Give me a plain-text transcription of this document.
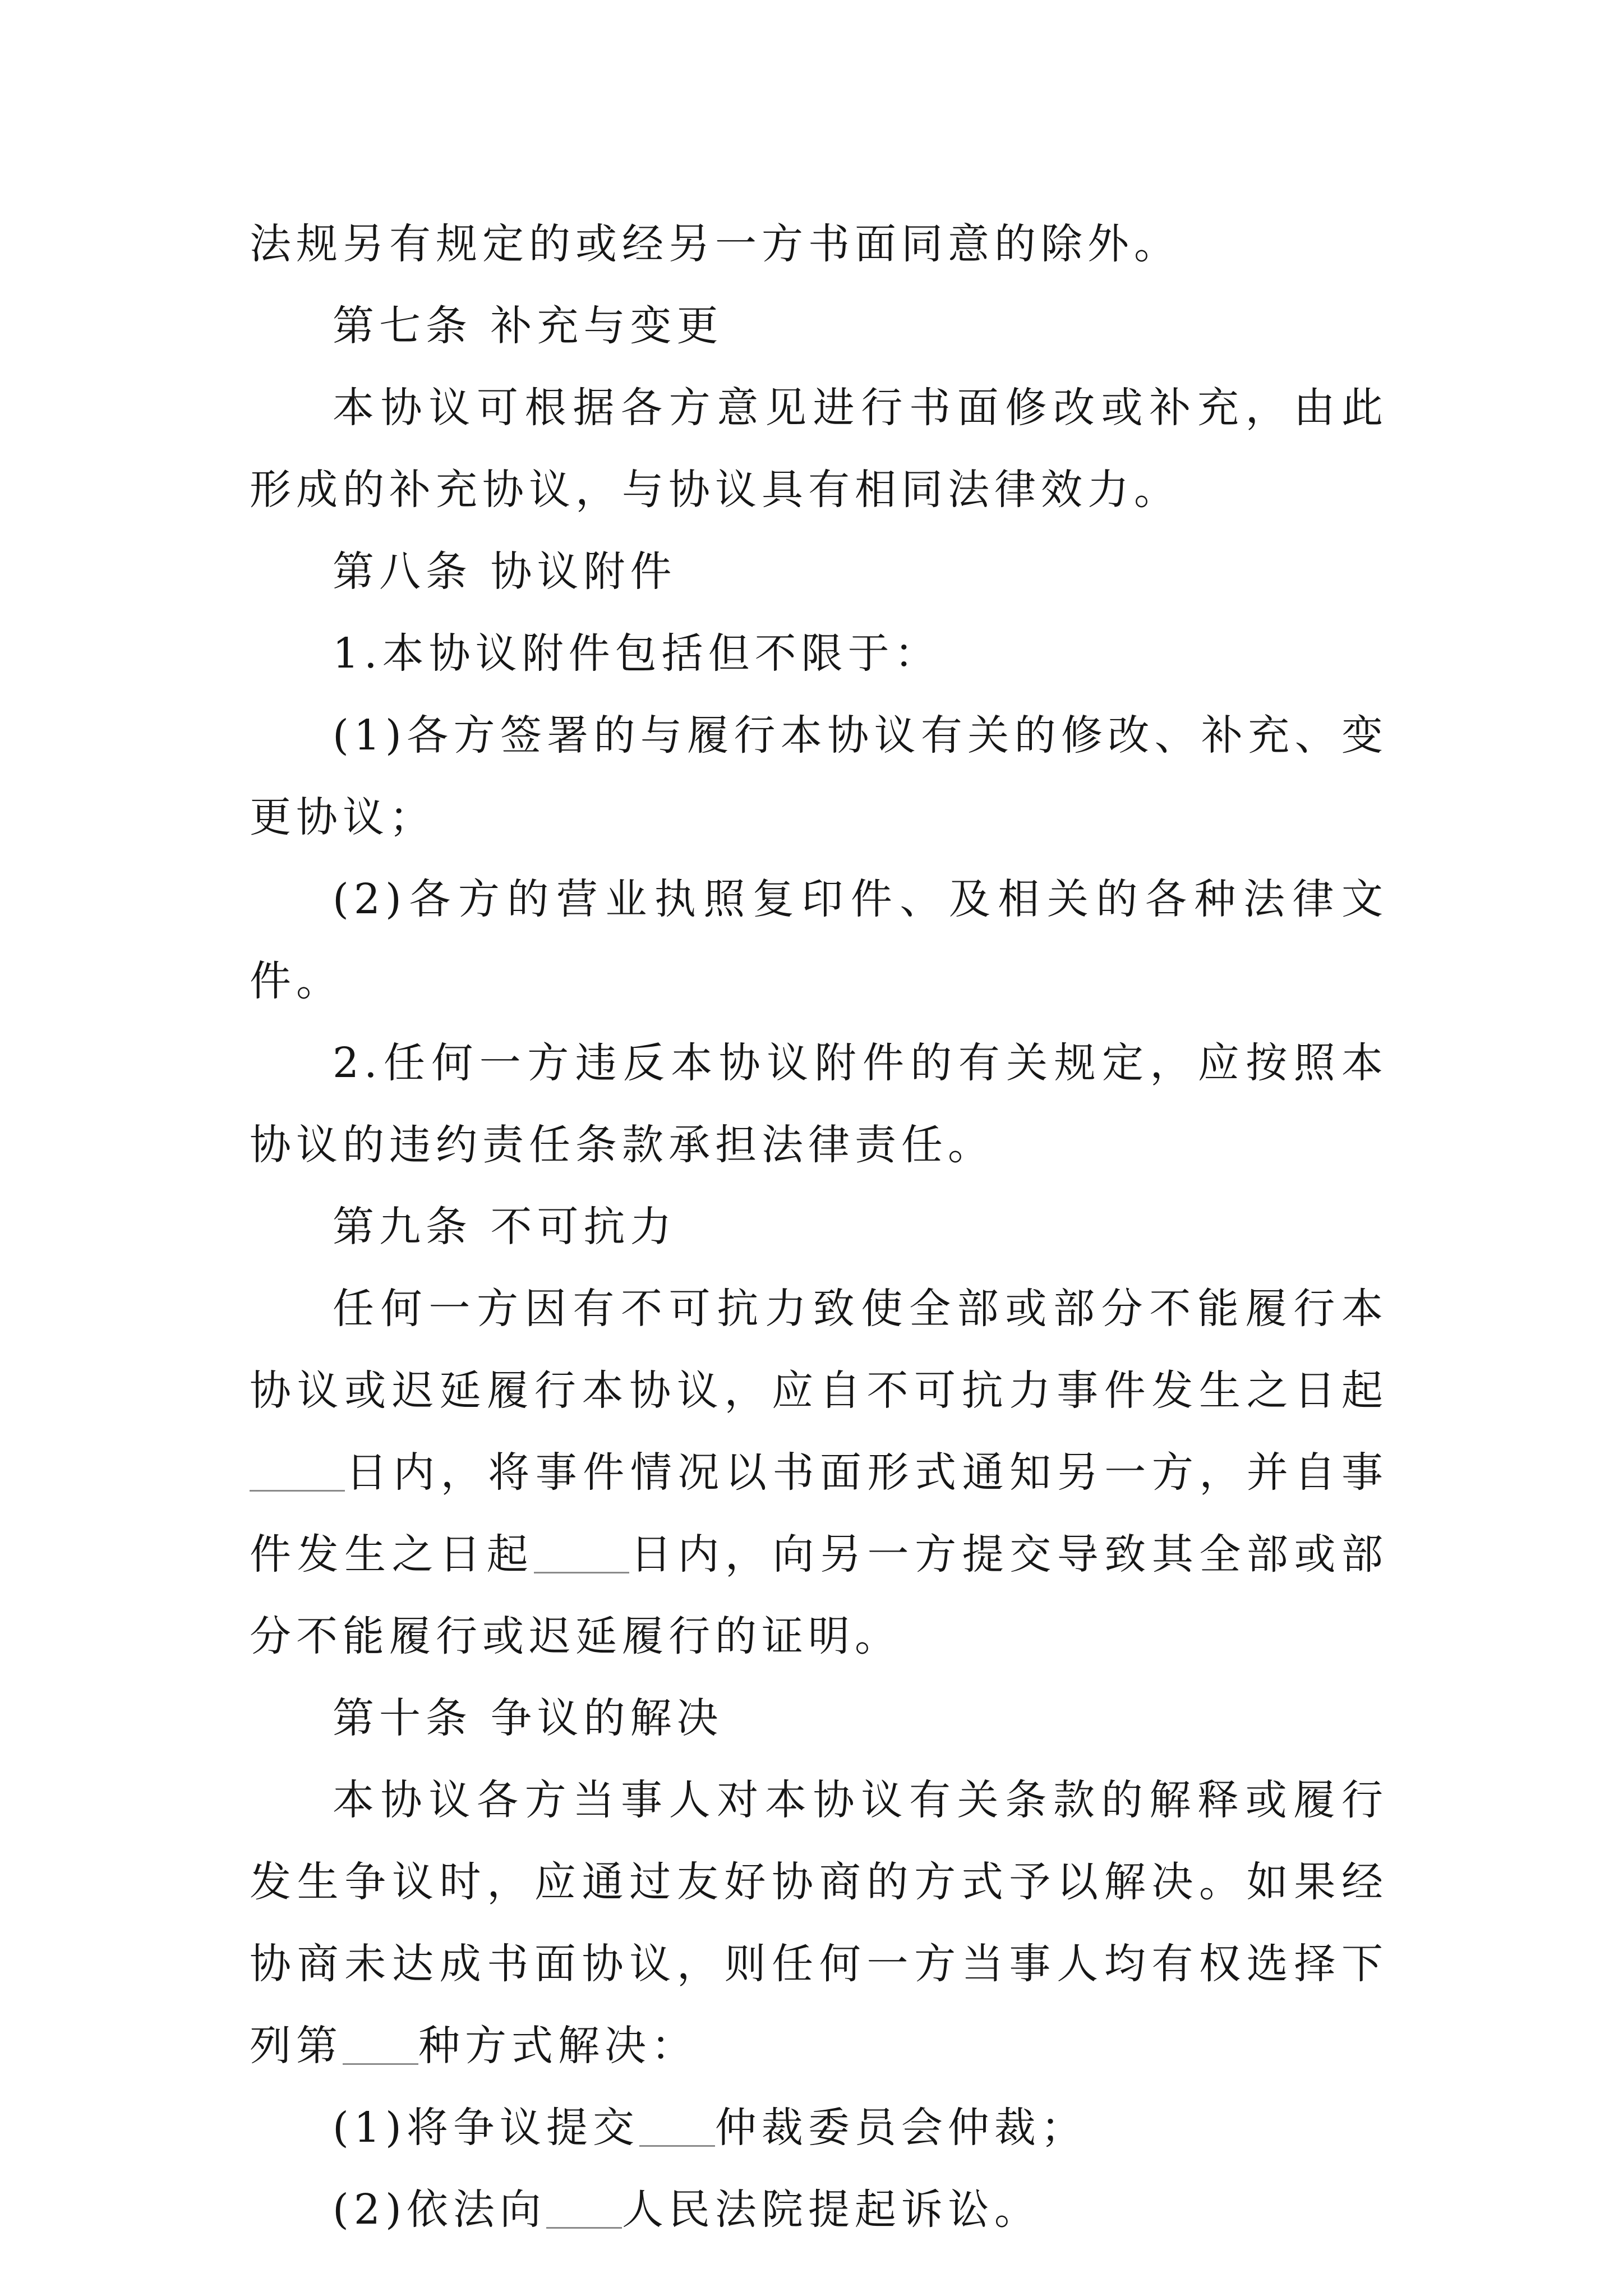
法规另有规定的或经另一方书面同意的除外。

第七条 补充与变更

本协议可根据各方意见进行书面修改或补充，由此形成的补充协议，与协议具有相同法律效力。

第八条 协议附件

1.本协议附件包括但不限于：

(1)各方签署的与履行本协议有关的修改、补充、变更协议；

(2)各方的营业执照复印件、及相关的各种法律文件。

2.任何一方违反本协议附件的有关规定，应按照本协议的违约责任条款承担法律责任。

第九条 不可抗力

任何一方因有不可抗力致使全部或部分不能履行本协议或迟延履行本协议，应自不可抗力事件发生之日起日内，将事件情况以书面形式通知另一方，并自事件发生之日起 日内，向另一方提交导致其全部或部分不能履行或迟延履行的证明。

第十条 争议的解决

本协议各方当事人对本协议有关条款的解释或履行发生争议时，应通过友好协商的方式予以解决。如果经协商未达成书面协议，则任何一方当事人均有权选择下列第 种方式解决：

(1)将争议提交 仲裁委员会仲裁；

(2)依法向 人民法院提起诉讼。
